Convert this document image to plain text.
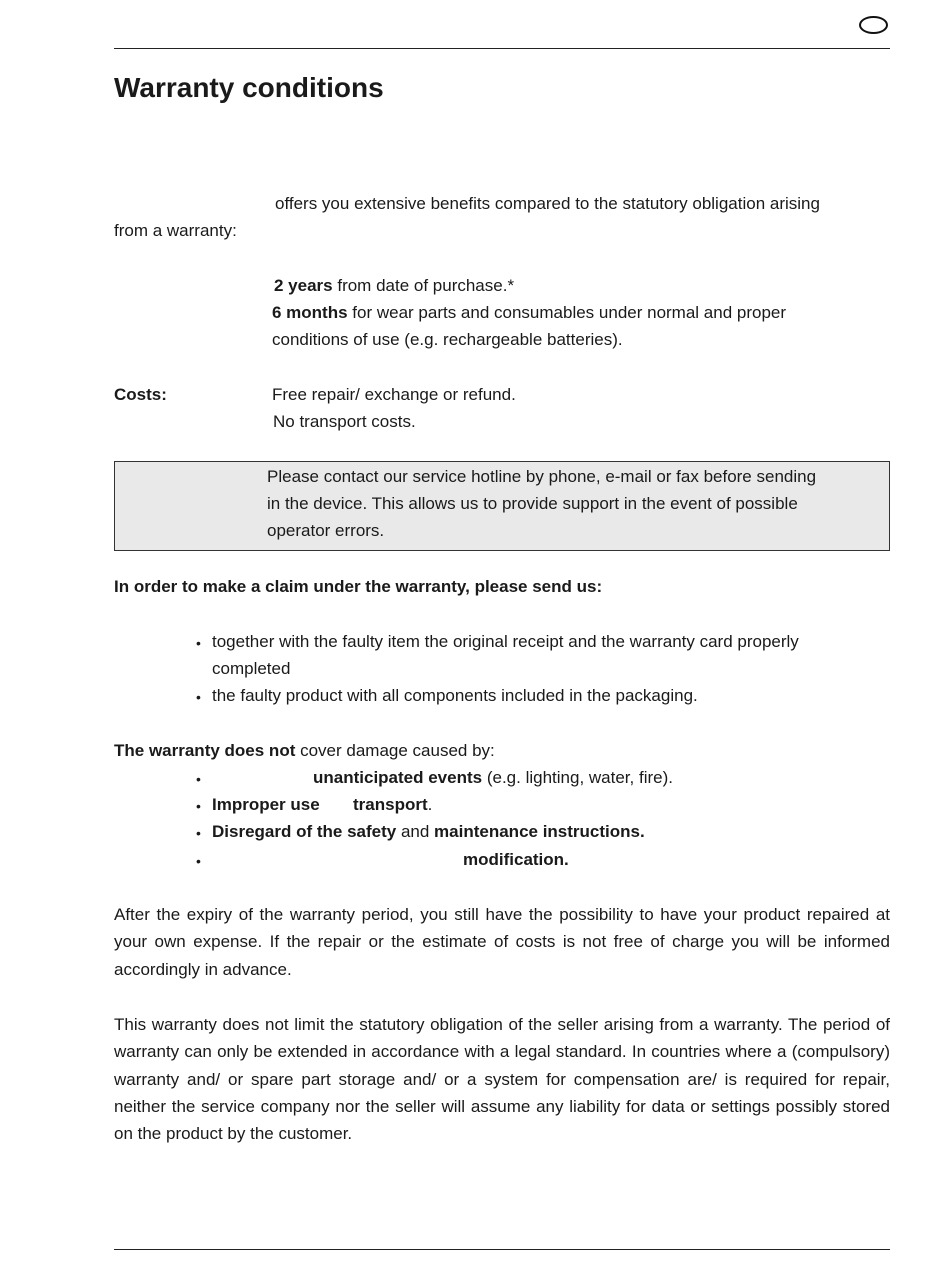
Warranty conditions
offers you extensive benefits compared to the statutory obligation arising
from a warranty:
2 years from date of purchase.*
6 months for wear parts and consumables under normal and proper
conditions of use (e.g. rechargeable batteries).
Costs:	Free repair/ exchange or refund.
No transport costs.
Please contact our service hotline by phone, e-mail or fax before sending
in the device. This allows us to provide support in the event of possible
operator errors.
In order to make a claim under the warranty, please send us:
• together with the faulty item the original receipt and the warranty card properly
completed
• the faulty product with all components included in the packaging.
The warranty does not cover damage caused by:
•	unanticipated events (e.g. lighting, water, fire).
• Improper use transport.
• Disregard of the safety and maintenance instructions.
•	modification.
After the expiry of the warranty period, you still have the possibility to have your product repaired at your own expense. If the repair or the estimate of costs is not free of charge you will be informed accordingly in advance.
This warranty does not limit the statutory obligation of the seller arising from a warranty. The period of warranty can only be extended in accordance with a legal standard. In countries where a (compulsory) warranty and/ or spare part storage and/ or a system for compensation are/ is required for repair, neither the service company nor the seller will assume any liability for data or settings possibly stored on the product by the customer.
